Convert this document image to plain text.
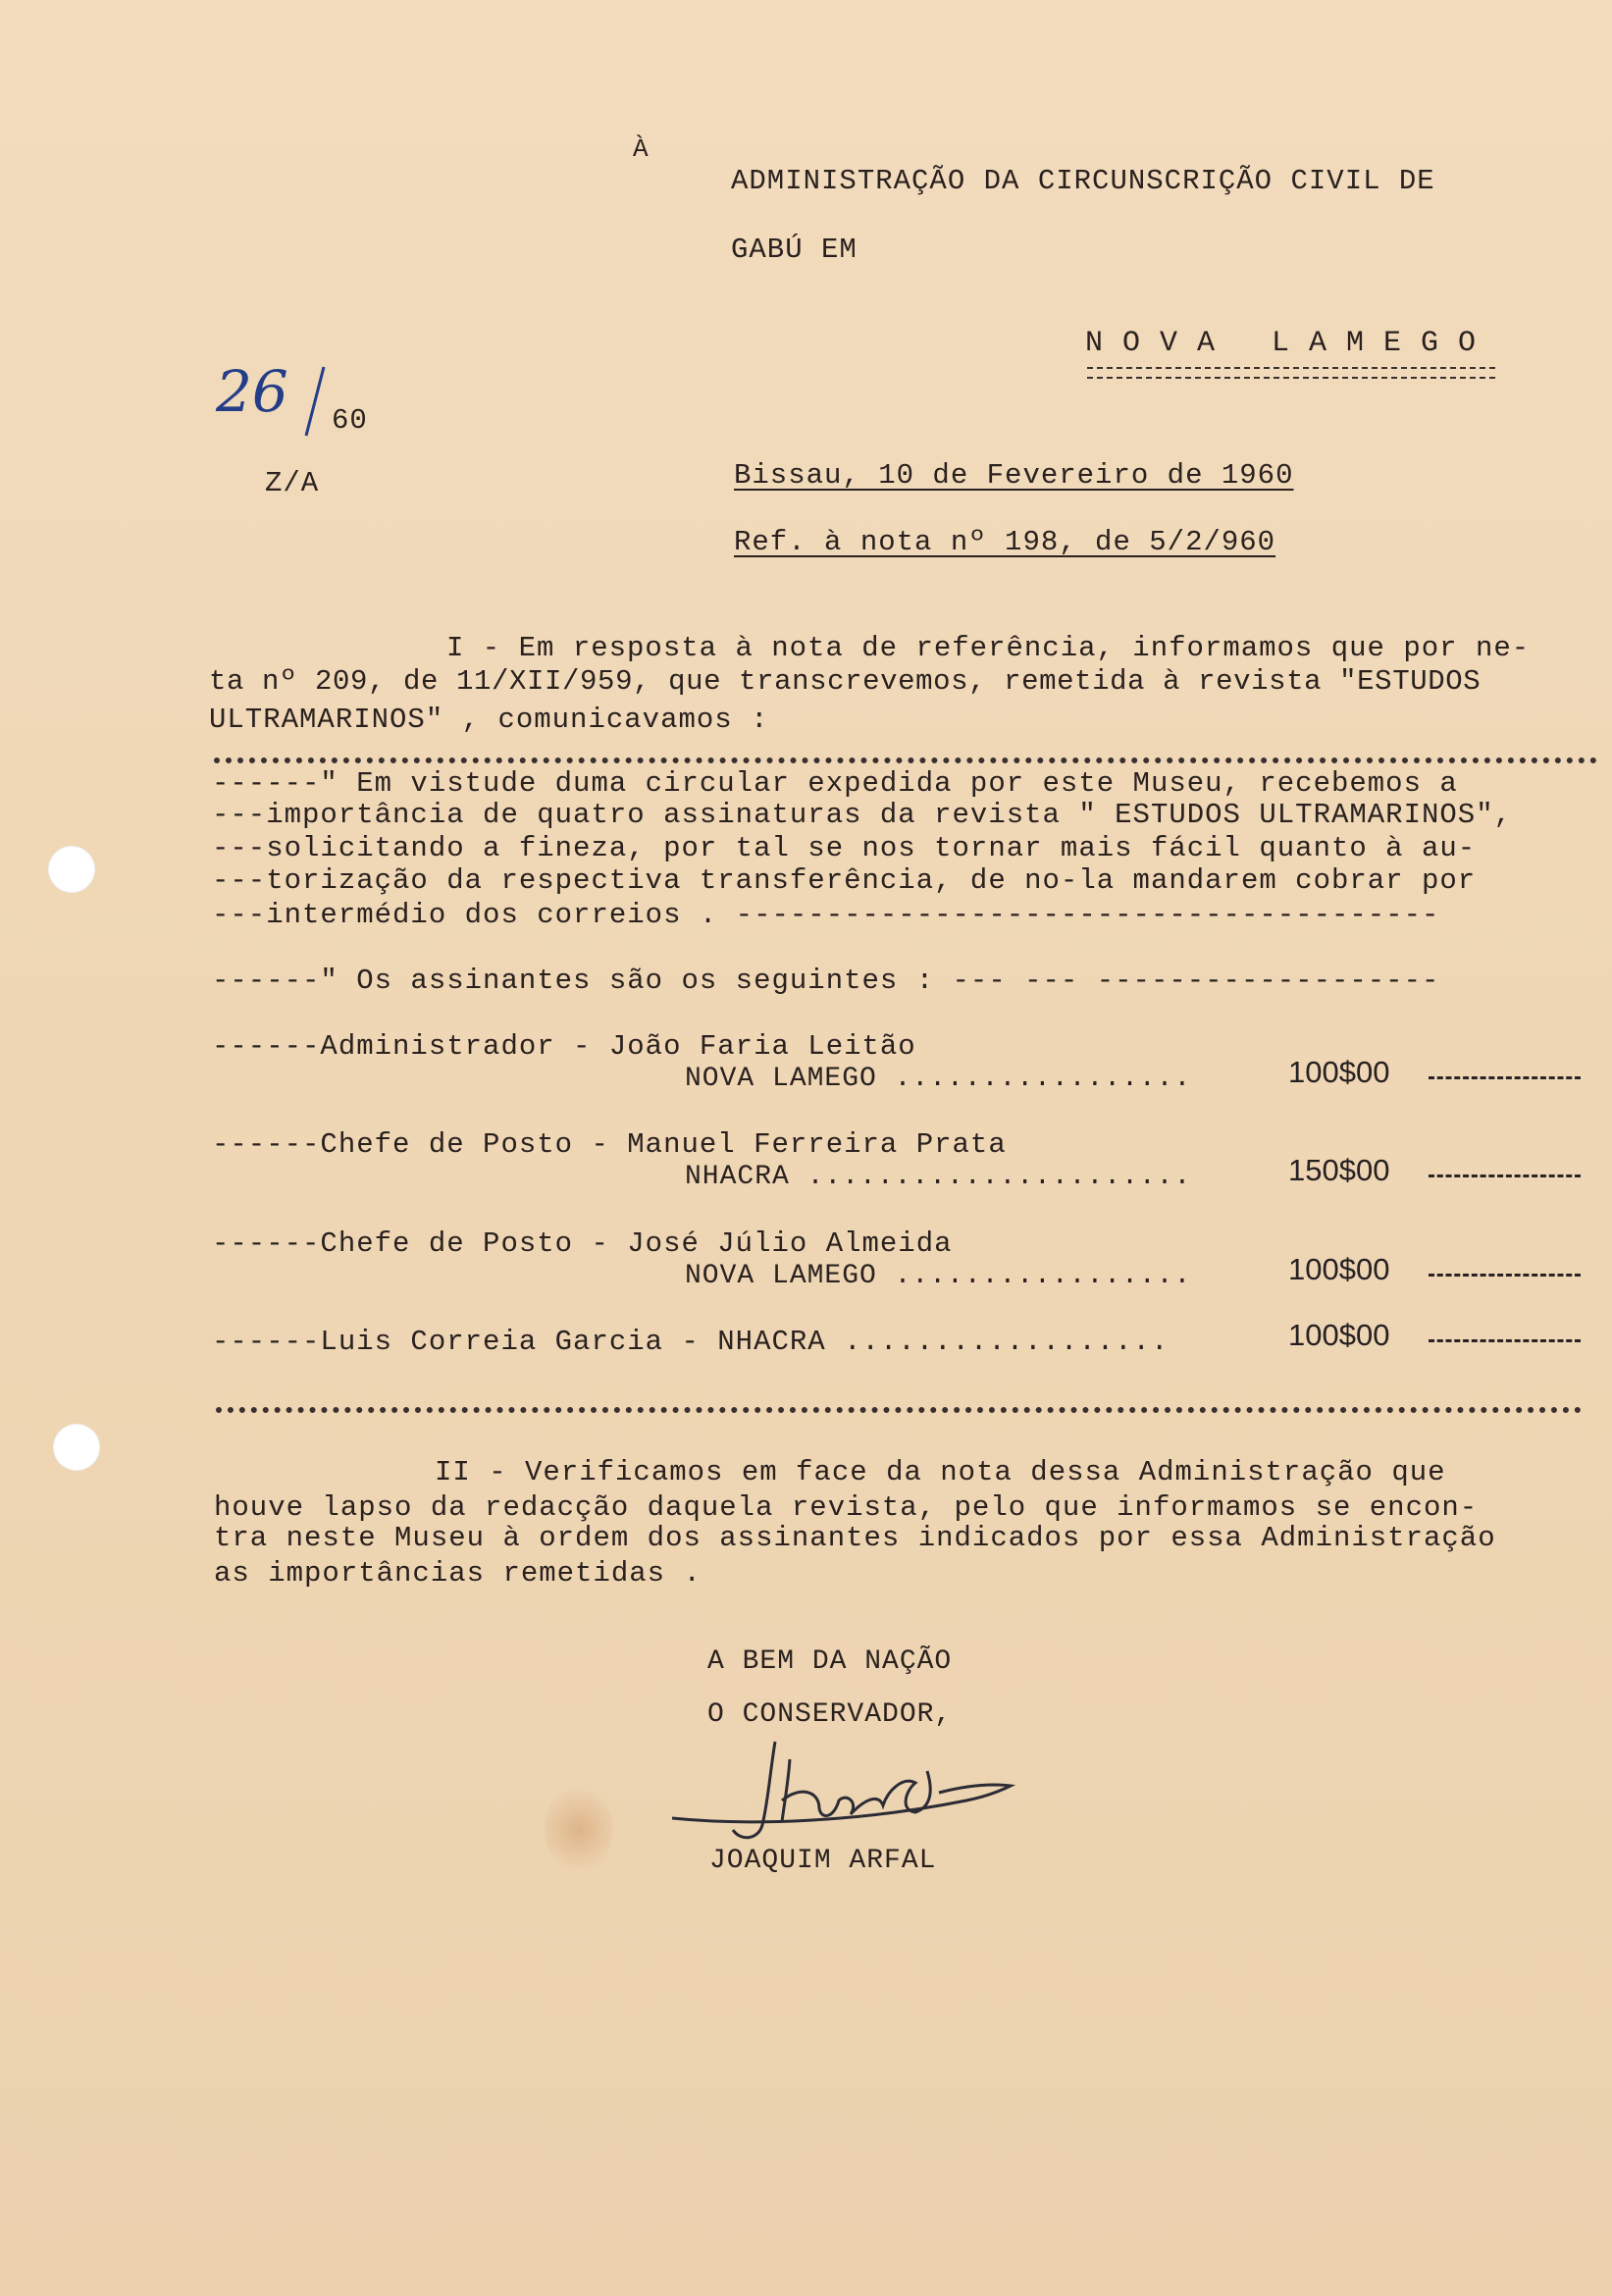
À
ADMINISTRAÇÃO DA CIRCUNSCRIÇÃO CIVIL DE
GABÚ EM
N O V A   L A M E G O
26 60
Z/A	Bissau, 10 de Fevereiro de 1960
Ref. à nota nº 198, de 5/2/960
I - Em resposta à nota de referência, informamos que por ne-
ta nº 209, de 11/XII/959, que transcrevemos, remetida à revista "ESTUDOS
ULTRAMARINOS" , comunicavamos :
------" Em vistude duma circular expedida por este Museu, recebemos a
---importância de quatro assinaturas da revista " ESTUDOS ULTRAMARINOS",
---solicitando a fineza, por tal se nos tornar mais fácil quanto à au-
---torização da respectiva transferência, de no-la mandarem cobrar por
---intermédio dos correios . ---------------------------------------
------" Os assinantes são os seguintes : --- --- -------------------
------Administrador - João Faria Leitão
NOVA LAMEGO .................	100$00
------Chefe de Posto - Manuel Ferreira Prata
NHACRA ......................	150$00
------Chefe de Posto - José Júlio Almeida
NOVA LAMEGO .................	100$00
------Luis Correia Garcia - NHACRA ..................	100$00
II - Verificamos em face da nota dessa Administração que
houve lapso da redacção daquela revista, pelo que informamos se encon-
tra neste Museu à ordem dos assinantes indicados por essa Administração
as importâncias remetidas .
A BEM DA NAÇÃO
O CONSERVADOR,
JOAQUIM ARFAL
